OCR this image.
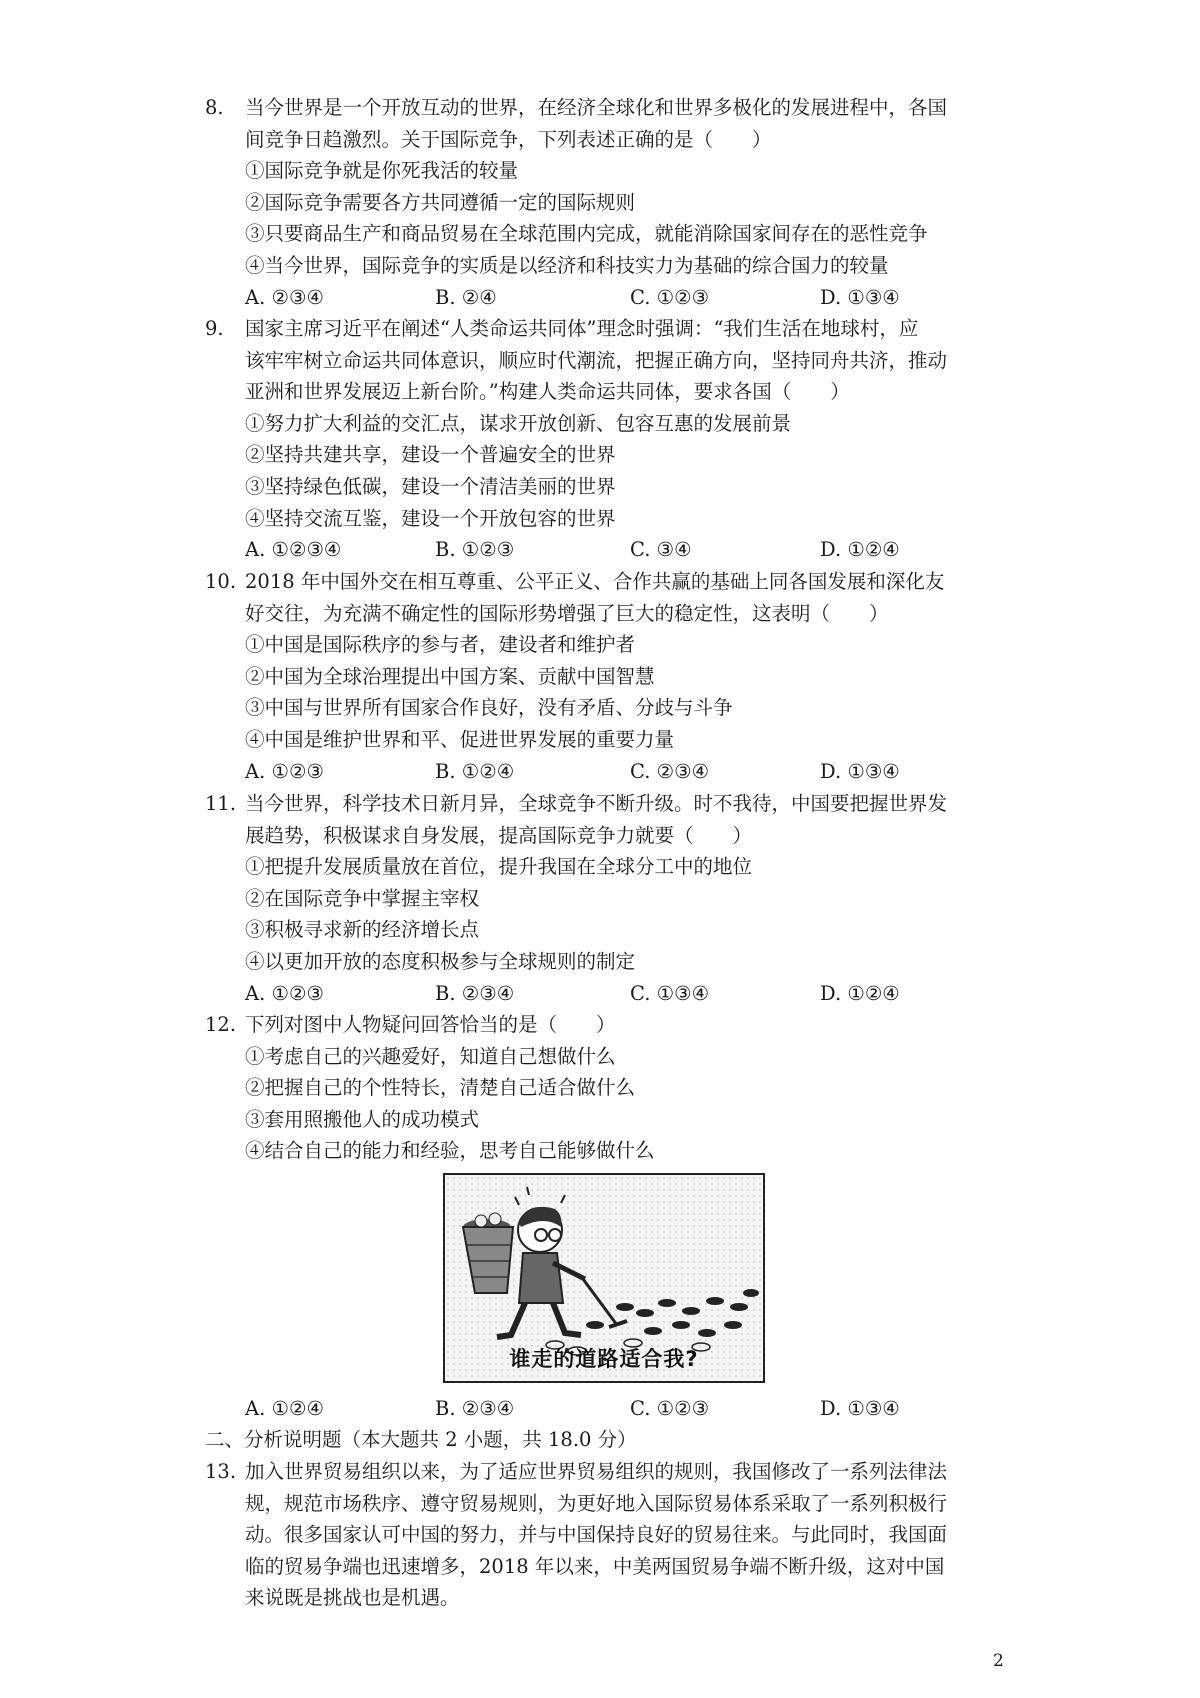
8. 当今世界是一个开放互动的世界，在经济全球化和世界多极化的发展进程中，各国
间竞争日趋激烈。关于国际竞争，下列表述正确的是（　　）
①国际竞争就是你死我活的较量
②国际竞争需要各方共同遵循一定的国际规则
③只要商品生产和商品贸易在全球范围内完成，就能消除国家间存在的恶性竞争
④当今世界，国际竞争的实质是以经济和科技实力为基础的综合国力的较量
A. ②③④	B. ②④	C. ①②③	D. ①③④
9. 国家主席习近平在阐述“人类命运共同体”理念时强调：“我们生活在地球村，应
该牢牢树立命运共同体意识，顺应时代潮流，把握正确方向，坚持同舟共济，推动
亚洲和世界发展迈上新台阶。”构建人类命运共同体，要求各国（　　）
①努力扩大利益的交汇点，谋求开放创新、包容互惠的发展前景
②坚持共建共享，建设一个普遍安全的世界
③坚持绿色低碳，建设一个清洁美丽的世界
④坚持交流互鉴，建设一个开放包容的世界
A. ①②③④	B. ①②③	C. ③④	D. ①②④
10. 2018 年中国外交在相互尊重、公平正义、合作共赢的基础上同各国发展和深化友
好交往，为充满不确定性的国际形势增强了巨大的稳定性，这表明（　　）
①中国是国际秩序的参与者，建设者和维护者
②中国为全球治理提出中国方案、贡献中国智慧
③中国与世界所有国家合作良好，没有矛盾、分歧与斗争
④中国是维护世界和平、促进世界发展的重要力量
A. ①②③	B. ①②④	C. ②③④	D. ①③④
11. 当今世界，科学技术日新月异，全球竞争不断升级。时不我待，中国要把握世界发
展趋势，积极谋求自身发展，提高国际竞争力就要（　　）
①把提升发展质量放在首位，提升我国在全球分工中的地位
②在国际竞争中掌握主宰权
③积极寻求新的经济增长点
④以更加开放的态度积极参与全球规则的制定
A. ①②③	B. ②③④	C. ①③④	D. ①②④
12. 下列对图中人物疑问回答恰当的是（　　）
①考虑自己的兴趣爱好，知道自己想做什么
②把握自己的个性特长，清楚自己适合做什么
③套用照搬他人的成功模式
④结合自己的能力和经验，思考自己能够做什么
谁走的道路适合我?
A. ①②④	B. ②③④	C. ①②③	D. ①③④
二、分析说明题（本大题共 2 小题，共 18.0 分）
13. 加入世界贸易组织以来，为了适应世界贸易组织的规则，我国修改了一系列法律法
规，规范市场秩序、遵守贸易规则，为更好地入国际贸易体系采取了一系列积极行
动。很多国家认可中国的努力，并与中国保持良好的贸易往来。与此同时，我国面
临的贸易争端也迅速增多，2018 年以来，中美两国贸易争端不断升级，这对中国
来说既是挑战也是机遇。
2
